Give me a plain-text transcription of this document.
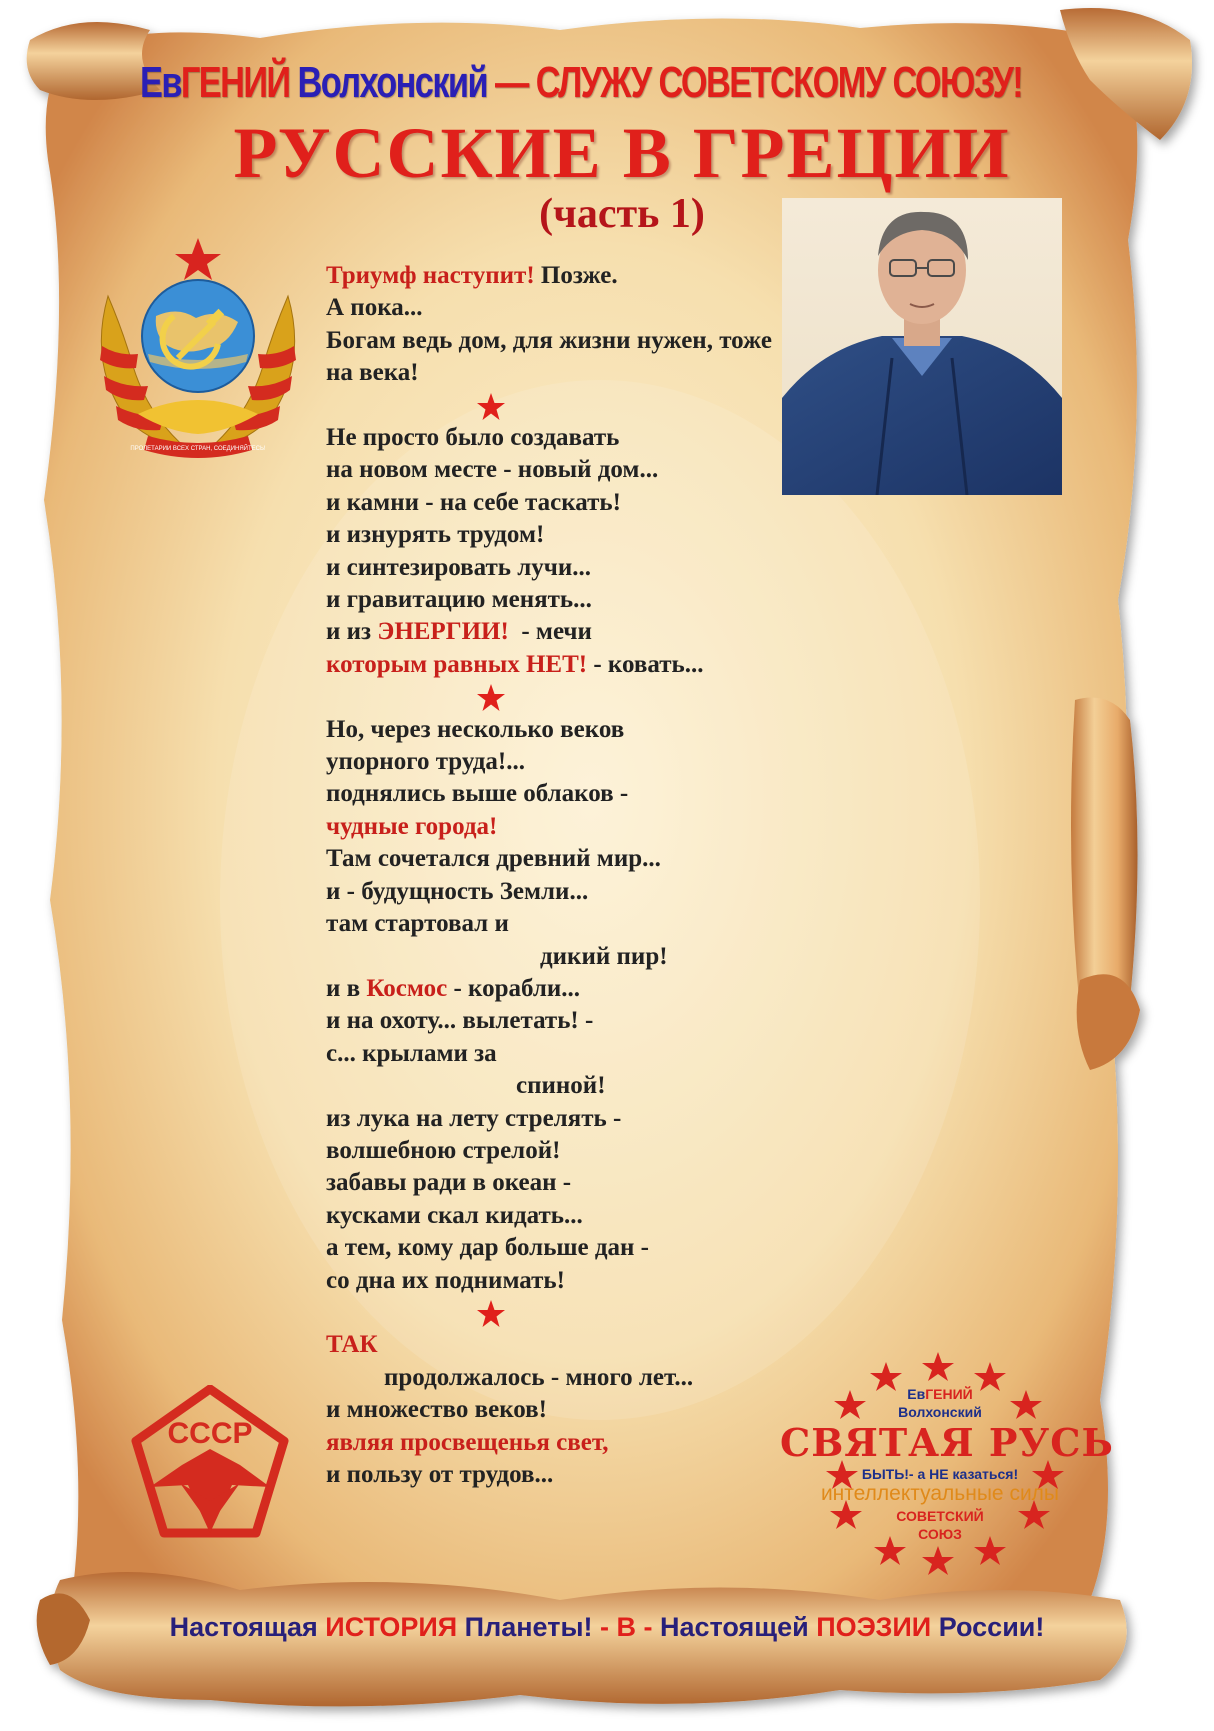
ЕвГЕНИЙ Волхонский — СЛУЖУ СОВЕТСКОМУ СОЮЗУ!
РУССКИЕ В ГРЕЦИИ
(часть 1)
ПРОЛЕТАРИИ ВСЕХ СТРАН, СОЕДИНЯЙТЕСЬ!
Триумф наступит! Позже.
А пока...
Богам ведь дом, для жизни нужен, тоже
на века!
Не просто было создавать
на новом месте - новый дом...
и камни - на себе таскать!
и изнурять трудом!
и синтезировать лучи...
и гравитацию менять...
и из ЭНЕРГИИ!  - мечи
которым равных НЕТ! - ковать...
Но, через несколько веков
упорного труда!...
поднялись выше облаков -
чудные города!
Там сочетался древний мир...
и - будущность Земли...
там стартовал и
дикий пир!
и в Космос - корабли...
и на охоту... вылетать! -
с... крылами за
спиной!
из лука на лету стрелять -
волшебною стрелой!
забавы ради в океан -
кусками скал кидать...
а тем, кому дар больше дан -
со дна их поднимать!
ТАК
продолжалось - много лет...
и множество веков!
являя просвещенья свет,
и пользу от трудов...
СССР
ЕвГЕНИЙ
Волхонский
СВЯТАЯ РУСЬ
БЫТЬ!- а НЕ казаться!
интеллектуальные силы
СОВЕТСКИЙ
СОЮЗ
Настоящая ИСТОРИЯ Планеты! - В - Настоящей ПОЭЗИИ России!
